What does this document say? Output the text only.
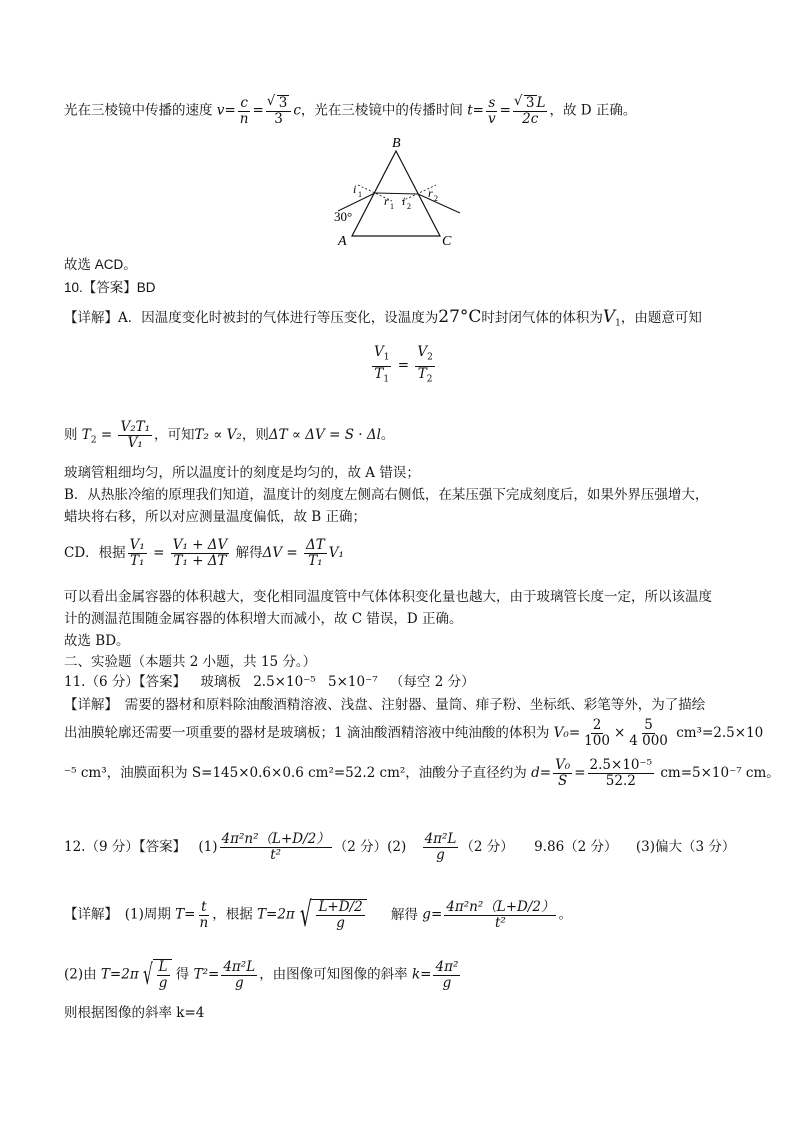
光在三棱镜中传播的速度 $v= \frac{c}{n}$ = √ $\frac{3}{3}$ c，光在三棱镜中的传播时间 $t= \frac{s}{v}$ = √ $\frac{3 L}{2c}$ ，故 D 正确。
B
A	C
i 1 r 1 i 2
r 2
30°
故选 ACD。
10.【答案】BD
【详解】A．因温度变化时被封的气体进行等压变化，设温度为27°C时封闭气体的体积为$V_1$，由题意可知
$\frac{V_1}{T_1} = \frac{V_2}{T_2}$
则 $T_2 = \frac{\text{V₂T₁}}{\text{V₁}}$ ，可知T₂ ∝ V₂，则ΔT ∝ ΔV = S · Δl。
玻璃管粗细均匀，所以温度计的刻度是均匀的，故 A 错误；
B．从热胀冷缩的原理我们知道，温度计的刻度左侧高右侧低，在某压强下完成刻度后，如果外界压强增大，
蜡块将右移，所以对应测量温度偏低，故 B 正确；
CD．根据 $\frac{\text{V₁}}{\text{T₁}} = \frac{\text{V₁ + ΔV}}{\text{T₁ + ΔT}}$ 解得$\Delta V = \frac{\Delta T}{\text{T₁}} V_1$
可以看出金属容器的体积越大，变化相同温度管中气体体积变化量也越大，由于玻璃管长度一定，所以该温度
计的测温范围随金属容器的体积增大而减小，故 C 错误，D 正确。
故选 BD。
二、实验题（本题共 2 小题，共 15 分。）
11.（6 分）【答案】 玻璃板 2.5×10⁻⁵ 5×10⁻⁷ （每空 2 分）
【详解】　需要的器材和原料除油酸酒精溶液、浅盘、注射器、量筒、痱子粉、坐标纸、彩笔等外，为了描绘
出油膜轮廓还需要一项重要的器材是玻璃板；1 滴油酸酒精溶液中纯油酸的体积为 $V_0= \frac{2}{100} \times \frac{5}{4 000} cm^3=2.5\times 10$
⁻⁵ cm³，油膜面积为 S=145×0.6×0.6 cm²=52.2 cm²，油酸分子直径约为 $d= \frac{\text{V₀}}{S} = \frac{\text{2.5×10⁻⁵}}{52.2} cm=5\times 10^{-7}$ cm。
12.（9 分）【答案】 $(1) \frac{\text{4π²n²（L+D/2）}}{\text{t²}} (2$ 分）$(2) \frac{\text{4π²L}}{g} (2$ 分） 9.86（2 分） (3)偏大（3 分）
【详解】　(1)周期 $T= \frac{t}{n}$ ，根据 T=2π √ $\frac{L+D/2}{g}$ 解得 $g= \frac{\text{4π²n²（L+D/2）}}{\text{t²}}$ 。
(2)由 T=2π √ $\frac{L}{g}$ 得 $T^2= \frac{\text{4π²L}}{g}$ ，由图像可知图像的斜率 $k= \frac{\text{4π²}}{g}$
则根据图像的斜率 k=4
